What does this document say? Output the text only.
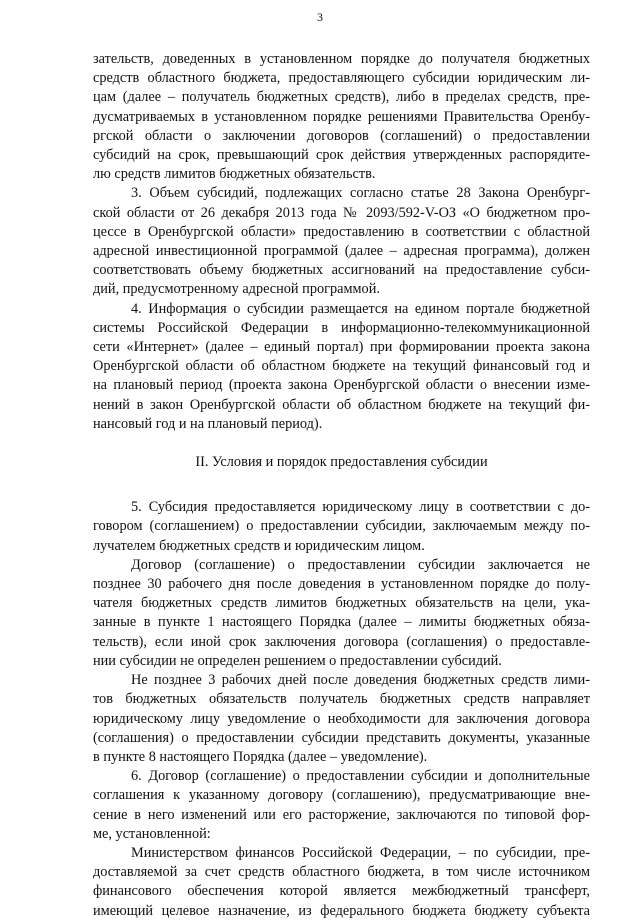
3

зательств, доведенных в установленном порядке до получателя бюджетных
средств областного бюджета, предоставляющего субсидии юридическим ли-
цам (далее – получатель бюджетных средств), либо в пределах средств, пре-
дусматриваемых в установленном порядке решениями Правительства Оренбу-
ргской области о заключении договоров (соглашений) о предоставлении
субсидий на срок, превышающий срок действия утвержденных распорядите-
лю средств лимитов бюджетных обязательств.

3. Объем субсидий, подлежащих согласно статье 28 Закона Оренбург-
ской области от 26 декабря 2013 года № 2093/592-V-ОЗ «О бюджетном про-
цессе в Оренбургской области» предоставлению в соответствии с областной
адресной инвестиционной программой (далее – адресная программа), должен
соответствовать объему бюджетных ассигнований на предоставление субси-
дий, предусмотренному адресной программой.

4. Информация о субсидии размещается на едином портале бюджетной
системы Российской Федерации в информационно-телекоммуникационной
сети «Интернет» (далее – единый портал) при формировании проекта закона
Оренбургской области об областном бюджете на текущий финансовый год и
на плановый период (проекта закона Оренбургской области о внесении изме-
нений в закон Оренбургской области об областном бюджете на текущий фи-
нансовый год и на плановый период).

II. Условия и порядок предоставления субсидии

5. Субсидия предоставляется юридическому лицу в соответствии с до-
говором (соглашением) о предоставлении субсидии, заключаемым между по-
лучателем бюджетных средств и юридическим лицом.

Договор (соглашение) о предоставлении субсидии заключается не
позднее 30 рабочего дня после доведения в установленном порядке до полу-
чателя бюджетных средств лимитов бюджетных обязательств на цели, ука-
занные в пункте 1 настоящего Порядка (далее – лимиты бюджетных обяза-
тельств), если иной срок заключения договора (соглашения) о предоставле-
нии субсидии не определен решением о предоставлении субсидий.

Не позднее 3 рабочих дней после доведения бюджетных средств лими-
тов бюджетных обязательств получатель бюджетных средств направляет
юридическому лицу уведомление о необходимости для заключения договора
(соглашения) о предоставлении субсидии представить документы, указанные
в пункте 8 настоящего Порядка (далее – уведомление).

6. Договор (соглашение) о предоставлении субсидии и дополнительные
соглашения к указанному договору (соглашению), предусматривающие вне-
сение в него изменений или его расторжение, заключаются по типовой фор-
ме, установленной:

Министерством финансов Российской Федерации, – по субсидии, пре-
доставляемой за счет средств областного бюджета, в том числе источником
финансового обеспечения которой является межбюджетный трансферт,
имеющий целевое назначение, из федерального бюджета бюджету субъекта
